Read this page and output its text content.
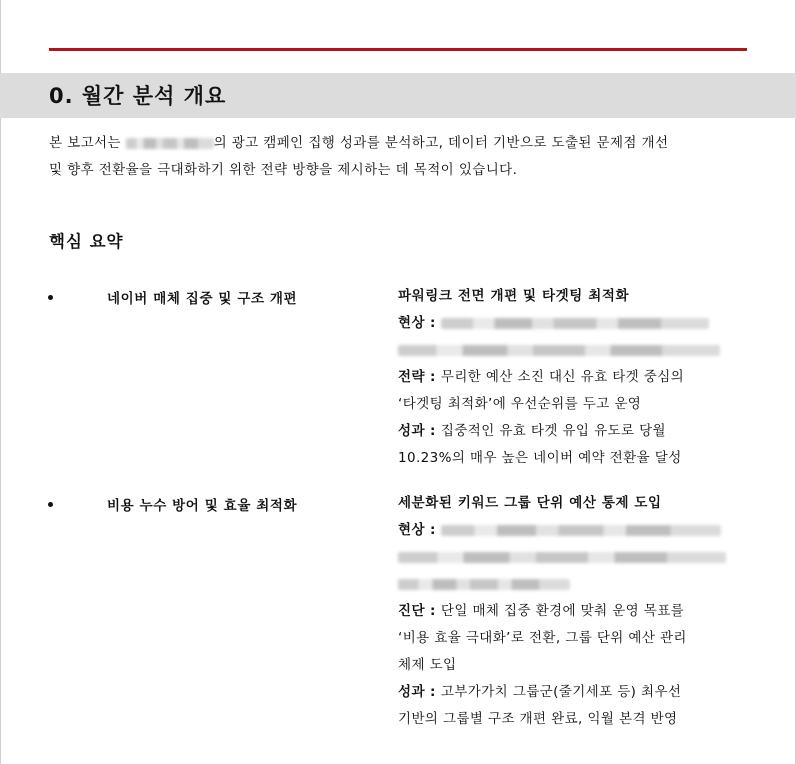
0. 월간 분석 개요
본 보고서는	의 광고 캠페인 집행 성과를 분석하고, 데이터 기반으로 도출된 문제점 개선
및 향후 전환율을 극대화하기 위한 전략 방향을 제시하는 데 목적이 있습니다.
핵심 요약
네이버 매체 집중 및 구조 개편	파워링크 전면 개편 및 타겟팅 최적화
현상 :
전략 : 무리한 예산 소진 대신 유효 타겟 중심의
‘타겟팅 최적화’에 우선순위를 두고 운영
성과 : 집중적인 유효 타겟 유입 유도로 당월
10.23%의 매우 높은 네이버 예약 전환율 달성
비용 누수 방어 및 효율 최적화	세분화된 키워드 그룹 단위 예산 통제 도입
현상 :
진단 : 단일 매체 집중 환경에 맞춰 운영 목표를
‘비용 효율 극대화’로 전환, 그룹 단위 예산 관리
체제 도입
성과 : 고부가가치 그룹군(줄기세포 등) 최우선
기반의 그룹별 구조 개편 완료, 익월 본격 반영
